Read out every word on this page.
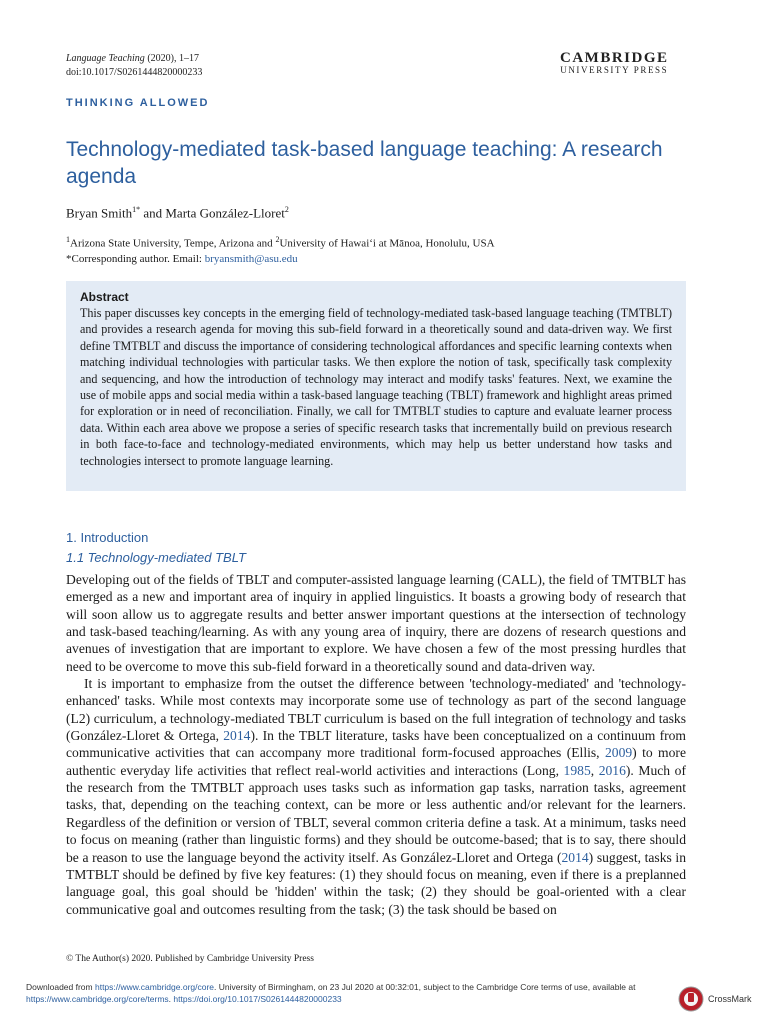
Language Teaching (2020), 1–17
doi:10.1017/S0261444820000233
CAMBRIDGE
UNIVERSITY PRESS
THINKING ALLOWED
Technology-mediated task-based language teaching: A research agenda
Bryan Smith$^{1*}$ and Marta González-Lloret$^2$
$^1$Arizona State University, Tempe, Arizona and $^2$University of Hawaiʻi at Mānoa, Honolulu, USA
*Corresponding author. Email: bryansmith@asu.edu
Abstract
This paper discusses key concepts in the emerging field of technology-mediated task-based language teaching (TMTBLT) and provides a research agenda for moving this sub-field forward in a theoretically sound and data-driven way. We first define TMTBLT and discuss the importance of considering technological affordances and specific learning contexts when matching individual technologies with particular tasks. We then explore the notion of task, specifically task complexity and sequencing, and how the introduction of technology may interact and modify tasks' features. Next, we examine the use of mobile apps and social media within a task-based language teaching (TBLT) framework and highlight areas primed for exploration or in need of reconciliation. Finally, we call for TMTBLT studies to capture and evaluate learner process data. Within each area above we propose a series of specific research tasks that incrementally build on previous research in both face-to-face and technology-mediated environments, which may help us better understand how tasks and technologies intersect to promote language learning.
1. Introduction
1.1 Technology-mediated TBLT

Developing out of the fields of TBLT and computer-assisted language learning (CALL), the field of TMTBLT has emerged as a new and important area of inquiry in applied linguistics. It boasts a growing body of research that will soon allow us to aggregate results and better answer important questions at the intersection of technology and task-based teaching/learning. As with any young area of inquiry, there are dozens of research questions and avenues of investigation that are important to explore. We have chosen a few of the most pressing hurdles that need to be overcome to move this sub-field forward in a theoretically sound and data-driven way.

It is important to emphasize from the outset the difference between 'technology-mediated' and 'technology-enhanced' tasks. While most contexts may incorporate some use of technology as part of the second language (L2) curriculum, a technology-mediated TBLT curriculum is based on the full integration of technology and tasks (González-Lloret & Ortega, 2014). In the TBLT literature, tasks have been conceptualized on a continuum from communicative activities that can accompany more traditional form-focused approaches (Ellis, 2009) to more authentic everyday life activities that reflect real-world activities and interactions (Long, 1985, 2016). Much of the research from the TMTBLT approach uses tasks such as information gap tasks, narration tasks, agreement tasks, that, depending on the teaching context, can be more or less authentic and/or relevant for the learners. Regardless of the definition or version of TBLT, several common criteria define a task. At a minimum, tasks need to focus on meaning (rather than linguistic forms) and they should be outcome-based; that is to say, there should be a reason to use the language beyond the activity itself. As González-Lloret and Ortega (2014) suggest, tasks in TMTBLT should be defined by five key features: (1) they should focus on meaning, even if there is a preplanned language goal, this goal should be 'hidden' within the task; (2) they should be goal-oriented with a clear communicative goal and outcomes resulting from the task; (3) the task should be based on

© The Author(s) 2020. Published by Cambridge University Press
Downloaded from https://www.cambridge.org/core. University of Birmingham, on 23 Jul 2020 at 00:32:01, subject to the Cambridge Core terms of use, available at https://www.cambridge.org/core/terms. https://doi.org/10.1017/S0261444820000233	CrossMark
